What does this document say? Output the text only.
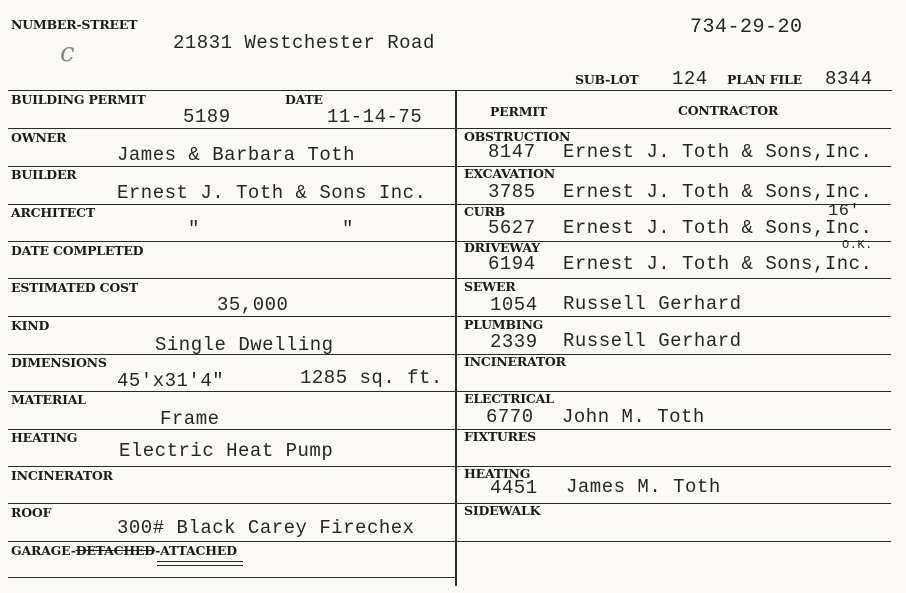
NUMBER-STREET
21831 Westchester Road
734-29-20
c
SUB-LOT 124 PLAN FILE 8344
BUILDING PERMIT
5189
DATE
11-14-75
OWNER
James & Barbara Toth
BUILDER
Ernest J. Toth & Sons Inc.
ARCHITECT
"	"
DATE COMPLETED
ESTIMATED COST
35,000
KIND
Single Dwelling
DIMENSIONS
45'x31'4"	1285 sq. ft.
MATERIAL
Frame
HEATING
Electric Heat Pump
INCINERATOR
ROOF
300# Black Carey Firechex
GARAGE-DETACHED-ATTACHED
PERMIT	CONTRACTOR
OBSTRUCTION
8147 Ernest J. Toth & Sons,Inc.
EXCAVATION
3785 Ernest J. Toth & Sons,Inc.
CURB
5627 Ernest J. Toth & Sons,Inc.
16'
DRIVEWAY
6194 Ernest J. Toth & Sons,Inc.
O.K.
SEWER
1054 Russell Gerhard
PLUMBING
2339 Russell Gerhard
INCINERATOR
ELECTRICAL
6770 John M. Toth
FIXTURES
HEATING
4451 James M. Toth
SIDEWALK
